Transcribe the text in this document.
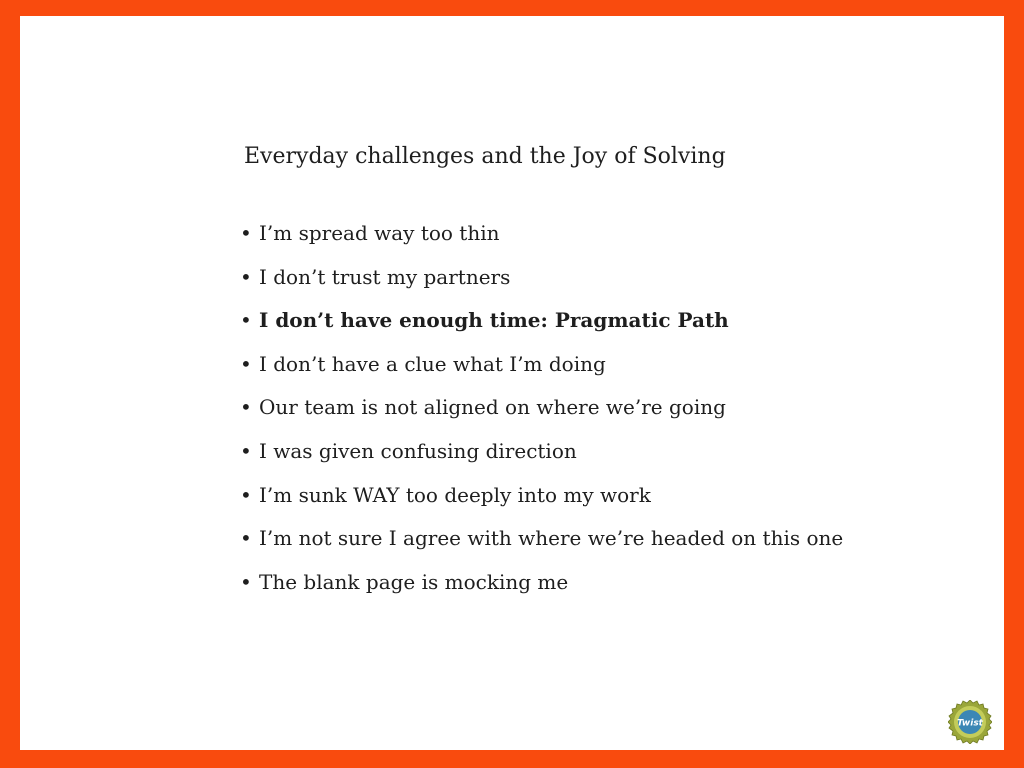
Everyday challenges and the Joy of Solving
• I’m spread way too thin
• I don’t trust my partners
• I don’t have enough time: Pragmatic Path
• I don’t have a clue what I’m doing
• Our team is not aligned on where we’re going
• I was given confusing direction
• I’m sunk WAY too deeply into my work
• I’m not sure I agree with where we’re headed on this one
• The blank page is mocking me
Twist
